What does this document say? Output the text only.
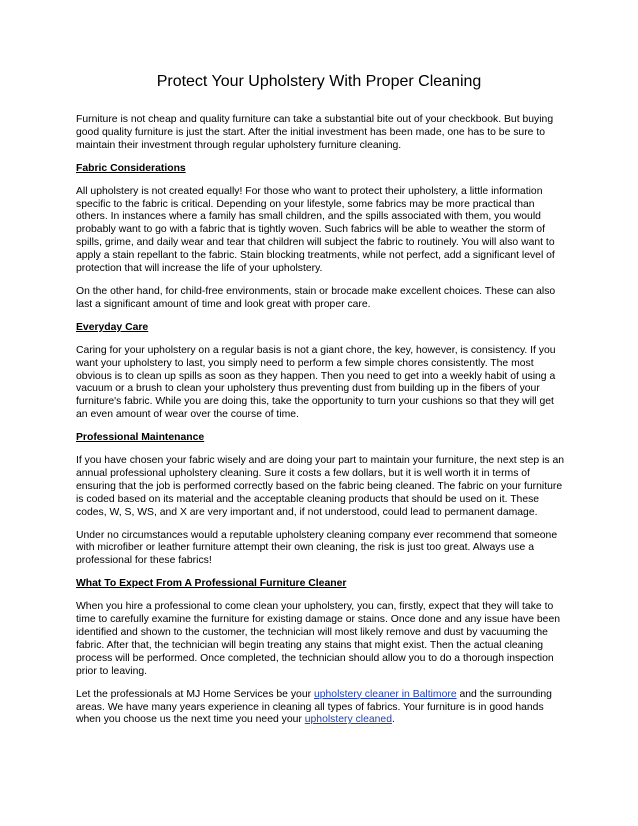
Protect Your Upholstery With Proper Cleaning

Furniture is not cheap and quality furniture can take a substantial bite out of your checkbook. But buying good quality furniture is just the start. After the initial investment has been made, one has to be sure to maintain their investment through regular upholstery furniture cleaning.

Fabric Considerations

All upholstery is not created equally! For those who want to protect their upholstery, a little information specific to the fabric is critical. Depending on your lifestyle, some fabrics may be more practical than others. In instances where a family has small children, and the spills associated with them, you would probably want to go with a fabric that is tightly woven. Such fabrics will be able to weather the storm of spills, grime, and daily wear and tear that children will subject the fabric to routinely. You will also want to apply a stain repellant to the fabric. Stain blocking treatments, while not perfect, add a significant level of protection that will increase the life of your upholstery.

On the other hand, for child-free environments, stain or brocade make excellent choices. These can also last a significant amount of time and look great with proper care.

Everyday Care

Caring for your upholstery on a regular basis is not a giant chore, the key, however, is consistency. If you want your upholstery to last, you simply need to perform a few simple chores consistently. The most obvious is to clean up spills as soon as they happen. Then you need to get into a weekly habit of using a vacuum or a brush to clean your upholstery thus preventing dust from building up in the fibers of your furniture's fabric. While you are doing this, take the opportunity to turn your cushions so that they will get an even amount of wear over the course of time.

Professional Maintenance

If you have chosen your fabric wisely and are doing your part to maintain your furniture, the next step is an annual professional upholstery cleaning. Sure it costs a few dollars, but it is well worth it in terms of ensuring that the job is performed correctly based on the fabric being cleaned. The fabric on your furniture is coded based on its material and the acceptable cleaning products that should be used on it. These codes, W, S, WS, and X are very important and, if not understood, could lead to permanent damage.

Under no circumstances would a reputable upholstery cleaning company ever recommend that someone with microfiber or leather furniture attempt their own cleaning, the risk is just too great. Always use a professional for these fabrics!

What To Expect From A Professional Furniture Cleaner

When you hire a professional to come clean your upholstery, you can, firstly, expect that they will take to time to carefully examine the furniture for existing damage or stains. Once done and any issue have been identified and shown to the customer, the technician will most likely remove and dust by vacuuming the fabric. After that, the technician will begin treating any stains that might exist. Then the actual cleaning process will be performed. Once completed, the technician should allow you to do a thorough inspection prior to leaving.

Let the professionals at MJ Home Services be your upholstery cleaner in Baltimore and the surrounding areas. We have many years experience in cleaning all types of fabrics. Your furniture is in good hands when you choose us the next time you need your upholstery cleaned.
